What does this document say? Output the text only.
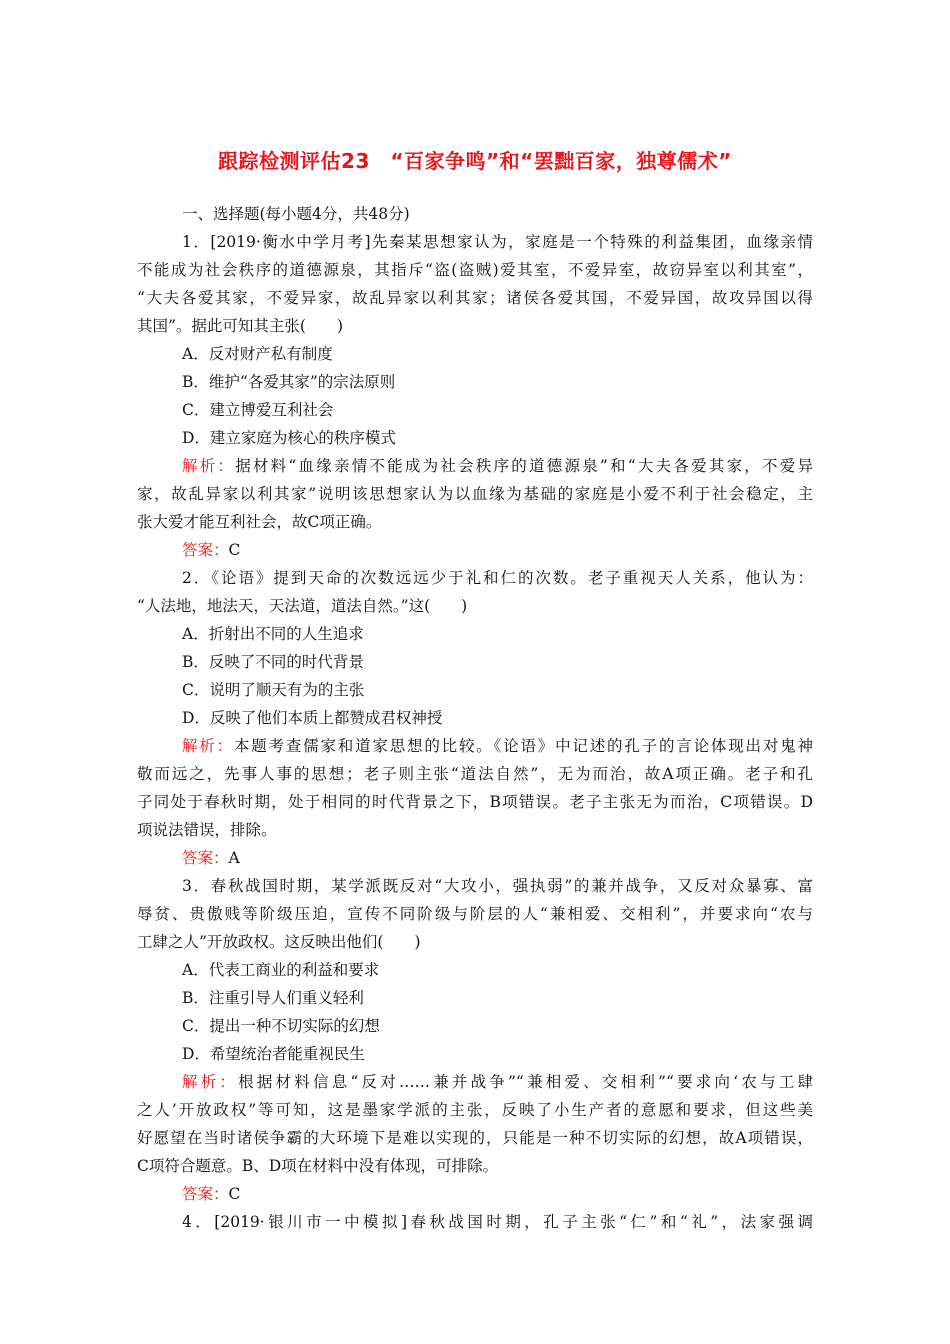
跟踪检测评估23　“百家争鸣”和“罢黜百家，独尊儒术”
一、选择题(每小题4分，共48分)
1．[2019·衡水中学月考]先秦某思想家认为，家庭是一个特殊的利益集团，血缘亲情
不能成为社会秩序的道德源泉，其指斥“盗(盗贼)爱其室，不爱异室，故窃异室以利其室”，
“大夫各爱其家，不爱异家，故乱异家以利其家；诸侯各爱其国，不爱异国，故攻异国以得
其国”。据此可知其主张(　　)
A．反对财产私有制度
B．维护“各爱其家”的宗法原则
C．建立博爱互利社会
D．建立家庭为核心的秩序模式
解析：据材料“血缘亲情不能成为社会秩序的道德源泉”和“大夫各爱其家，不爱异
家，故乱异家以利其家”说明该思想家认为以血缘为基础的家庭是小爱不利于社会稳定，主
张大爱才能互利社会，故C项正确。
答案：C
2．《论语》提到天命的次数远远少于礼和仁的次数。老子重视天人关系，他认为：
“人法地，地法天，天法道，道法自然。”这(　　)
A．折射出不同的人生追求
B．反映了不同的时代背景
C．说明了顺天有为的主张
D．反映了他们本质上都赞成君权神授
解析：本题考查儒家和道家思想的比较。《论语》中记述的孔子的言论体现出对鬼神
敬而远之，先事人事的思想；老子则主张“道法自然”，无为而治，故A项正确。老子和孔
子同处于春秋时期，处于相同的时代背景之下，B项错误。老子主张无为而治，C项错误。D
项说法错误，排除。
答案：A
3．春秋战国时期，某学派既反对“大攻小，强执弱”的兼并战争，又反对众暴寡、富
辱贫、贵傲贱等阶级压迫，宣传不同阶级与阶层的人“兼相爱、交相利”，并要求向“农与
工肆之人”开放政权。这反映出他们(　　)
A．代表工商业的利益和要求
B．注重引导人们重义轻利
C．提出一种不切实际的幻想
D．希望统治者能重视民生
解析：根据材料信息“反对……兼并战争”“兼相爱、交相利”“要求向‘农与工肆
之人’开放政权”等可知，这是墨家学派的主张，反映了小生产者的意愿和要求，但这些美
好愿望在当时诸侯争霸的大环境下是难以实现的，只能是一种不切实际的幻想，故A项错误，
C项符合题意。B、D项在材料中没有体现，可排除。
答案：C
4．[2019·银川市一中模拟]春秋战国时期，孔子主张“仁”和“礼”，法家强调
